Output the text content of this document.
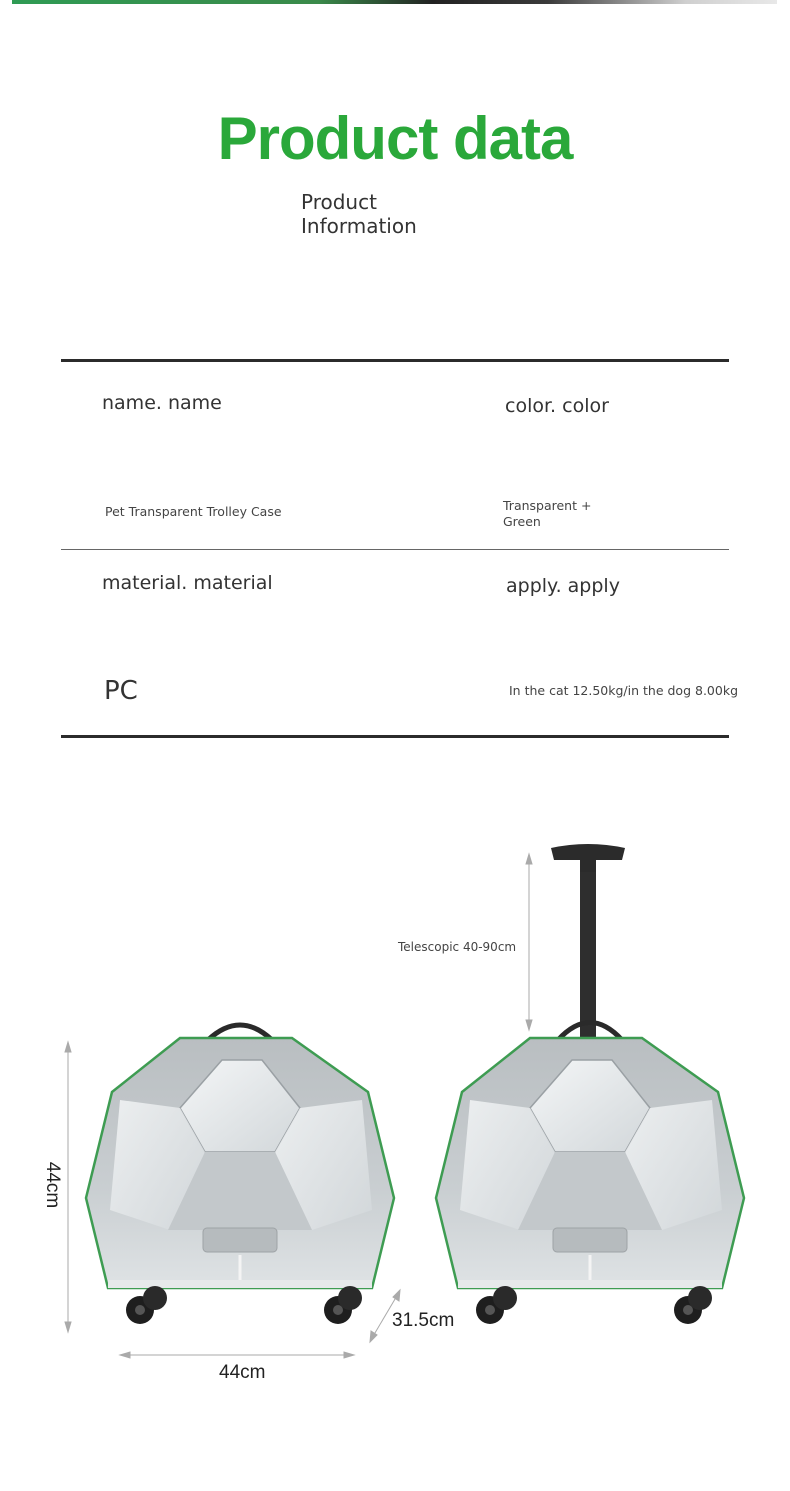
Product data
Product
Information
name. name	color. color
Pet Transparent Trolley Case	Transparent +
Green
material. material	apply. apply
PC	In the cat 12.50kg/in the dog 8.00kg
44cm
44cm
31.5cm
Telescopic 40-90cm
